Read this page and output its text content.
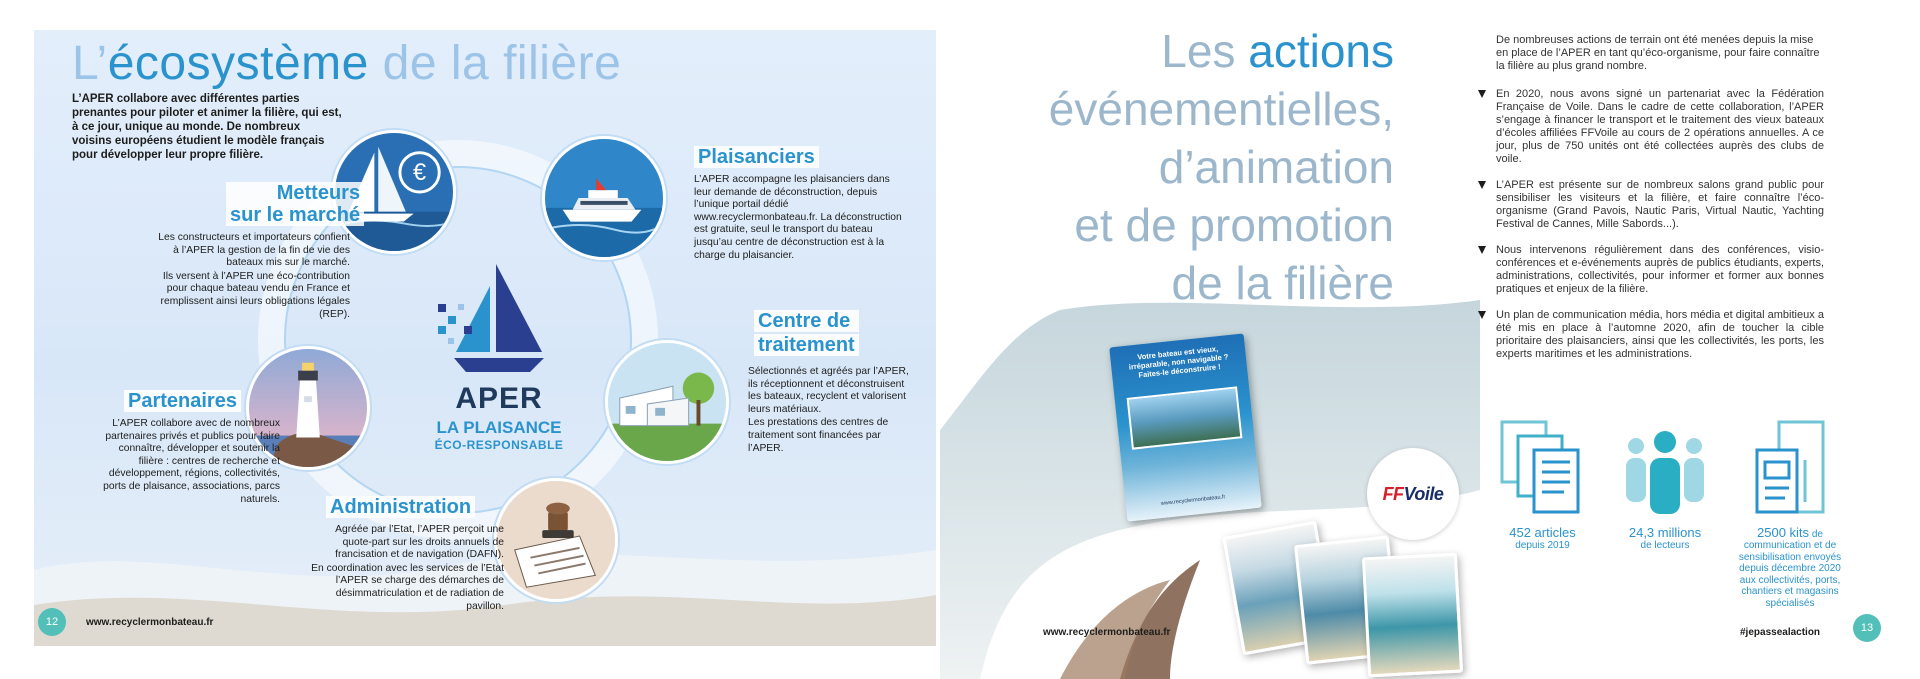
L’écosystème de la filière
L’APER collabore avec différentes parties prenantes pour piloter et animer la filière, qui est, à ce jour, unique au monde. De nombreux voisins européens étudient le modèle français pour développer leur propre filière.
€
Metteurs
sur le marché

Les constructeurs et importateurs confient à l’APER la gestion de la fin de vie des bateaux mis sur le marché.

Ils versent à l’APER une éco-contribution pour chaque bateau vendu en France et remplissent ainsi leurs obligations légales (REP).

Plaisanciers
L’APER accompagne les plaisanciers dans leur demande de déconstruction, depuis l’unique portail dédié www.recyclermonbateau.fr. La déconstruction est gratuite, seul le transport du bateau jusqu’au centre de déconstruction est à la charge du plaisancier.
Centre de
traitement

Sélectionnés et agréés par l’APER, ils réceptionnent et déconstruisent les bateaux, recyclent et valorisent leurs matériaux.

Les prestations des centres de traitement sont financées par l’APER.

Partenaires
L’APER collabore avec de nombreux partenaires privés et publics pour faire connaître, développer et soutenir la filière : centres de recherche et développement, régions, collectivités, ports de plaisance, associations, parcs naturels.	Administration

Agréée par l’Etat, l’APER perçoit une quote-part sur les droits annuels de francisation et de navigation (DAFN).

En coordination avec les services de l’Etat l’APER se charge des démarches de désimmatriculation et de radiation de pavillon.

APER
LA PLAISANCE
ÉCO-RESPONSABLE
12	www.recyclermonbateau.fr
Les actions
événementielles,
d’animation
et de promotion
de la filière
De nombreuses actions de terrain ont été menées depuis la mise en place de l’APER en tant qu’éco-organisme, pour faire connaître la filière au plus grand nombre.
En 2020, nous avons signé un partenariat avec la Fédération Française de Voile. Dans le cadre de cette collaboration, l’APER s’engage à financer le transport et le traitement des vieux bateaux d’écoles affiliées FFVoile au cours de 2 opérations annuelles. A ce jour, plus de 750 unités ont été collectées auprès des clubs de voile.
L’APER est présente sur de nombreux salons grand public pour sensibiliser les visiteurs et la filière, et faire connaître l’éco-organisme (Grand Pavois, Nautic Paris, Virtual Nautic, Yachting Festival de Cannes, Mille Sabords...).
Nous intervenons régulièrement dans des conférences, visio-conférences et e-événements auprès de publics étudiants, experts, administrations, collectivités, pour informer et former aux bonnes pratiques et enjeux de la filière.
Un plan de communication média, hors média et digital ambitieux a été mis en place à l’automne 2020, afin de toucher la cible prioritaire des plaisanciers, ainsi que les collectivités, les ports, les experts maritimes et les administrations.
452 articles
depuis 2019
24,3 millions
de lecteurs
2500 kits de
communication et de sensibilisation envoyés depuis décembre 2020 aux collectivités, ports, chantiers et magasins spécialisés
Votre bateau est vieux, irréparable, non navigable ? Faites-le déconstruire !
www.recyclermonbateau.fr	FFVoile
www.recyclermonbateau.fr	#jepassealaction	13
